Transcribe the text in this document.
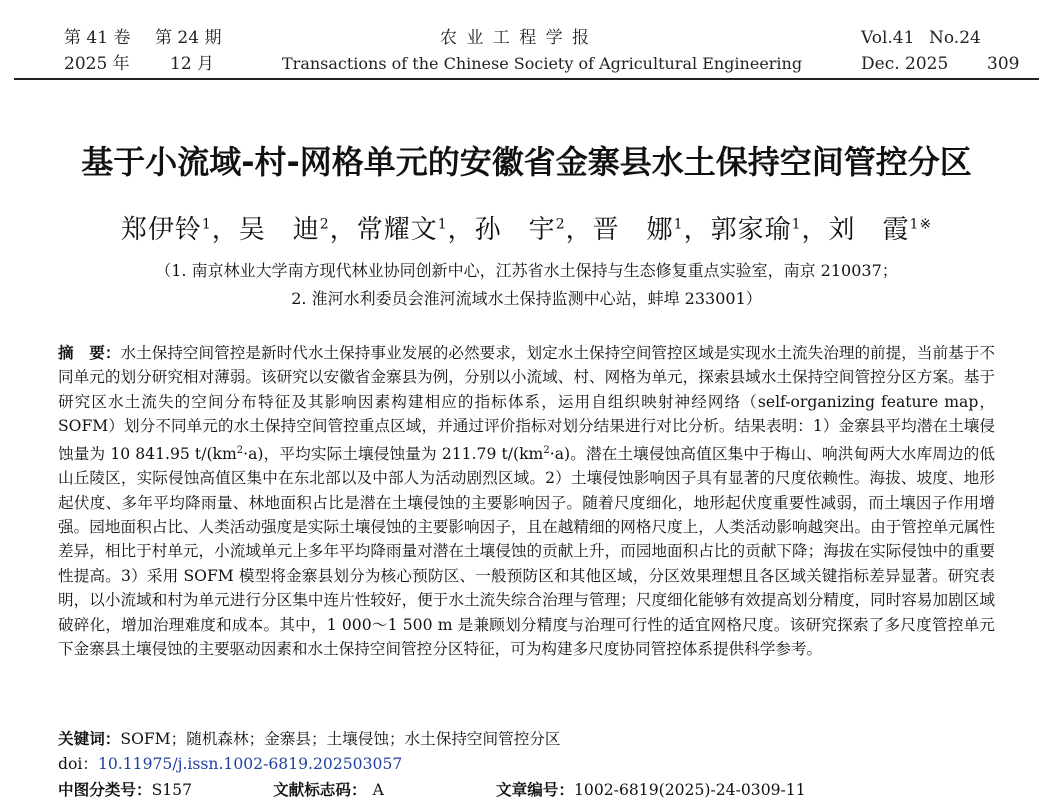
第 41 卷 第 24 期	农 业 工 程 学 报	Vol.41 No.24
2025 年 12 月	Transactions of the Chinese Society of Agricultural Engineering	Dec. 2025 309
基于小流域-村-网格单元的安徽省金寨县水土保持空间管控分区
郑伊铃$^1$，吴　迪$^2$，常耀文$^1$，孙　宇$^2$，晋　娜$^1$，郭家瑜$^1$，刘　霞$^{1※}$
（1. 南京林业大学南方现代林业协同创新中心，江苏省水土保持与生态修复重点实验室，南京 210037；
2. 淮河水利委员会淮河流域水土保持监测中心站，蚌埠 233001）
摘　要：水土保持空间管控是新时代水土保持事业发展的必然要求，划定水土保持空间管控区域是实现水土流失治理的前提，当前基于不同单元的划分研究相对薄弱。该研究以安徽省金寨县为例，分别以小流域、村、网格为单元，探索县域水土保持空间管控分区方案。基于研究区水土流失的空间分布特征及其影响因素构建相应的指标体系，运用自组织映射神经网络（self-organizing feature map，SOFM）划分不同单元的水土保持空间管控重点区域，并通过评价指标对划分结果进行对比分析。结果表明：1）金寨县平均潜在土壤侵蚀量为 10 841.95 $t/(km^2\cdot a)$，平均实际土壤侵蚀量为 211.79 $t/(km^2\cdot a)$。潜在土壤侵蚀高值区集中于梅山、响洪甸两大水库周边的低山丘陵区，实际侵蚀高值区集中在东北部以及中部人为活动剧烈区域。2）土壤侵蚀影响因子具有显著的尺度依赖性。海拔、坡度、地形起伏度、多年平均降雨量、林地面积占比是潜在土壤侵蚀的主要影响因子。随着尺度细化，地形起伏度重要性减弱，而土壤因子作用增强。园地面积占比、人类活动强度是实际土壤侵蚀的主要影响因子，且在越精细的网格尺度上，人类活动影响越突出。由于管控单元属性差异，相比于村单元，小流域单元上多年平均降雨量对潜在土壤侵蚀的贡献上升，而园地面积占比的贡献下降；海拔在实际侵蚀中的重要性提高。3）采用 SOFM 模型将金寨县划分为核心预防区、一般预防区和其他区域，分区效果理想且各区域关键指标差异显著。研究表明，以小流域和村为单元进行分区集中连片性较好，便于水土流失综合治理与管理；尺度细化能够有效提高划分精度，同时容易加剧区域破碎化，增加治理难度和成本。其中，1 000～1 500 m 是兼顾划分精度与治理可行性的适宜网格尺度。该研究探索了多尺度管控单元下金寨县土壤侵蚀的主要驱动因素和水土保持空间管控分区特征，可为构建多尺度协同管控体系提供科学参考。
关键词：SOFM；随机森林；金寨县；土壤侵蚀；水土保持空间管控分区
doi：10.11975/j.issn.1002-6819.202503057
中图分类号：S157	文献标志码： A	文章编号：1002-6819(2025)-24-0309-11
